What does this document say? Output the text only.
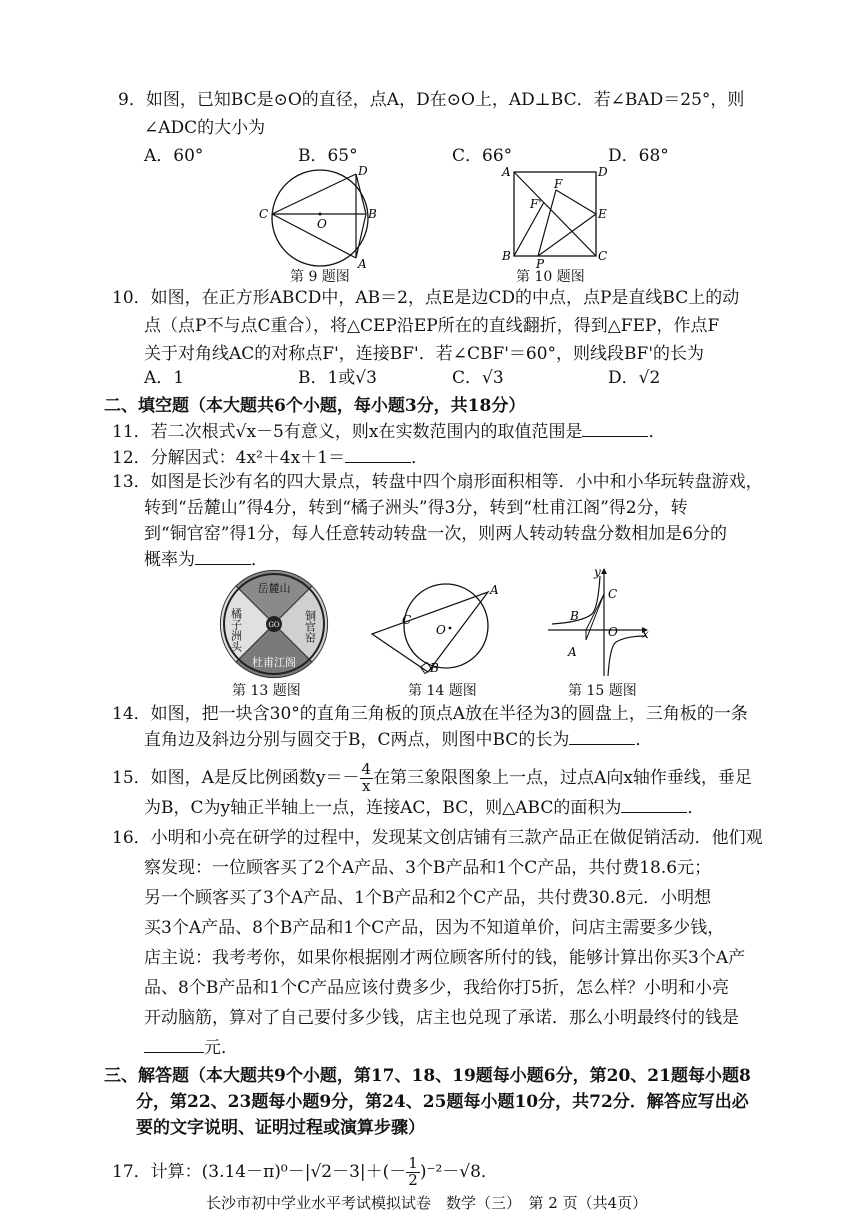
9．如图，已知BC是⊙O的直径，点A，D在⊙O上，AD⊥BC．若∠BAD＝25°，则
∠ADC的大小为
A．60°	B．65°	C．66°	D．68°
C
D
B
A
O
第 9 题图
A	D
F
F'
E
B
P
C
第 10 题图
10．如图，在正方形ABCD中，AB＝2，点E是边CD的中点，点P是直线BC上的动
点（点P不与点C重合），将△CEP沿EP所在的直线翻折，得到△FEP，作点F
关于对角线AC的对称点F'，连接BF'．若∠CBF'＝60°，则线段BF'的长为
A．1	B．1或√3	C．√3	D．√2
二、填空题（本大题共6个小题，每小题3分，共18分）
11．若二次根式√x－5有意义，则x在实数范围内的取值范围是	．
12．分解因式：4x²＋4x＋1＝	．
13．如图是长沙有名的四大景点，转盘中四个扇形面积相等．小中和小华玩转盘游戏，
转到“岳麓山”得4分，转到“橘子洲头”得3分，转到“杜甫江阁”得2分，转
到“铜官窑”得1分，每人任意转动转盘一次，则两人转动转盘分数相加是6分的
概率为	．
GO
岳麓山
杜甫江阁
橘子洲头	铜官窑
第 13 题图
C
A
O
B
第 14 题图
y
x
C
B
O
A
第 15 题图
14．如图，把一块含30°的直角三角板的顶点A放在半径为3的圆盘上，三角板的一条
直角边及斜边分别与圆交于B，C两点，则图中BC的长为	．
15．如图，A是反比例函数$y=- \frac{4}{x}$ 在第三象限图象上一点，过点A向x轴作垂线，垂足
为B，C为y轴正半轴上一点，连接AC，BC，则△ABC的面积为	．
16．小明和小亮在研学的过程中，发现某文创店铺有三款产品正在做促销活动．他们观
察发现：一位顾客买了2个A产品、3个B产品和1个C产品，共付费18.6元；
另一个顾客买了3个A产品、1个B产品和2个C产品，共付费30.8元．小明想
买3个A产品、8个B产品和1个C产品，因为不知道单价，问店主需要多少钱，
店主说：我考考你，如果你根据刚才两位顾客所付的钱，能够计算出你买3个A产
品、8个B产品和1个C产品应该付费多少，我给你打5折，怎么样？小明和小亮
开动脑筋，算对了自己要付多少钱，店主也兑现了承诺．那么小明最终付的钱是
元．
三、解答题（本大题共9个小题，第17、18、19题每小题6分，第20、21题每小题8
分，第22、23题每小题9分，第24、25题每小题10分，共72分．解答应写出必
要的文字说明、证明过程或演算步骤）
17．计算：$(3.14-\pi)^0-|√2-3|+(- \frac{1}{2} )^{-2}-√8$．
长沙市初中学业水平考试模拟试卷　数学（三）　第 2 页（共4页）
